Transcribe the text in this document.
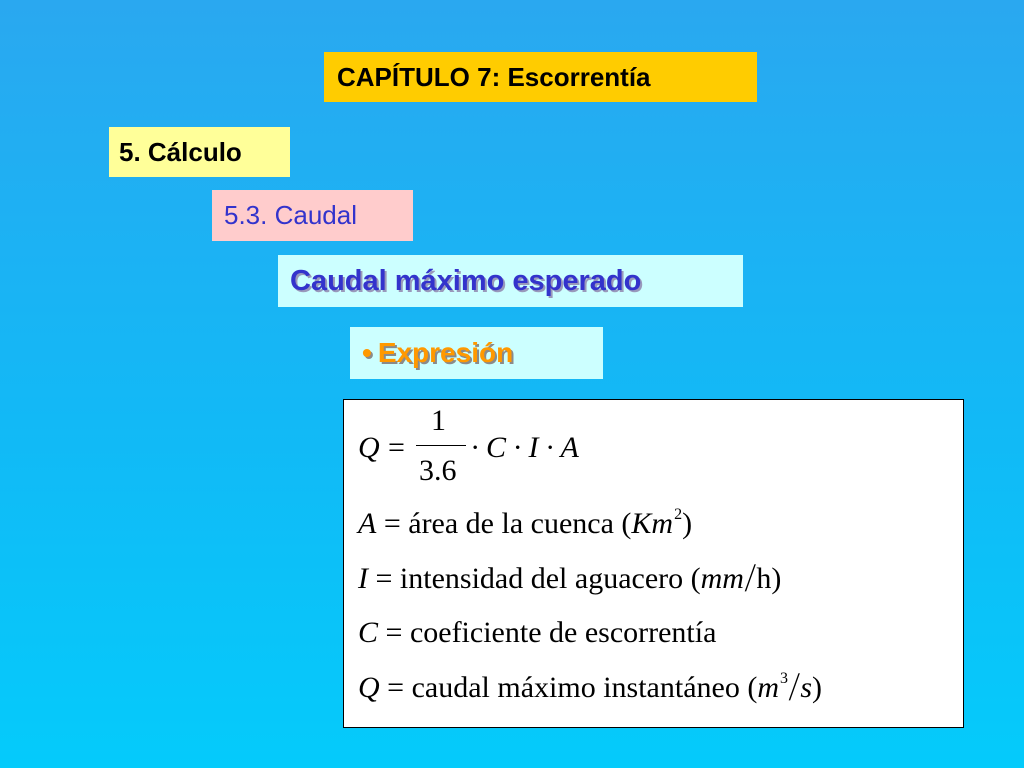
CAPÍTULO 7: Escorrentía
5. Cálculo
5.3. Caudal
Caudal máximo esperado
• Expresión
Q =
1
3.6
· C · I · A
A = área de la cuenca (Km$^2$)
I = intensidad del aguacero (mm/h)
C = coeficiente de escorrentía
Q = caudal máximo instantáneo $(m^3/s)$
